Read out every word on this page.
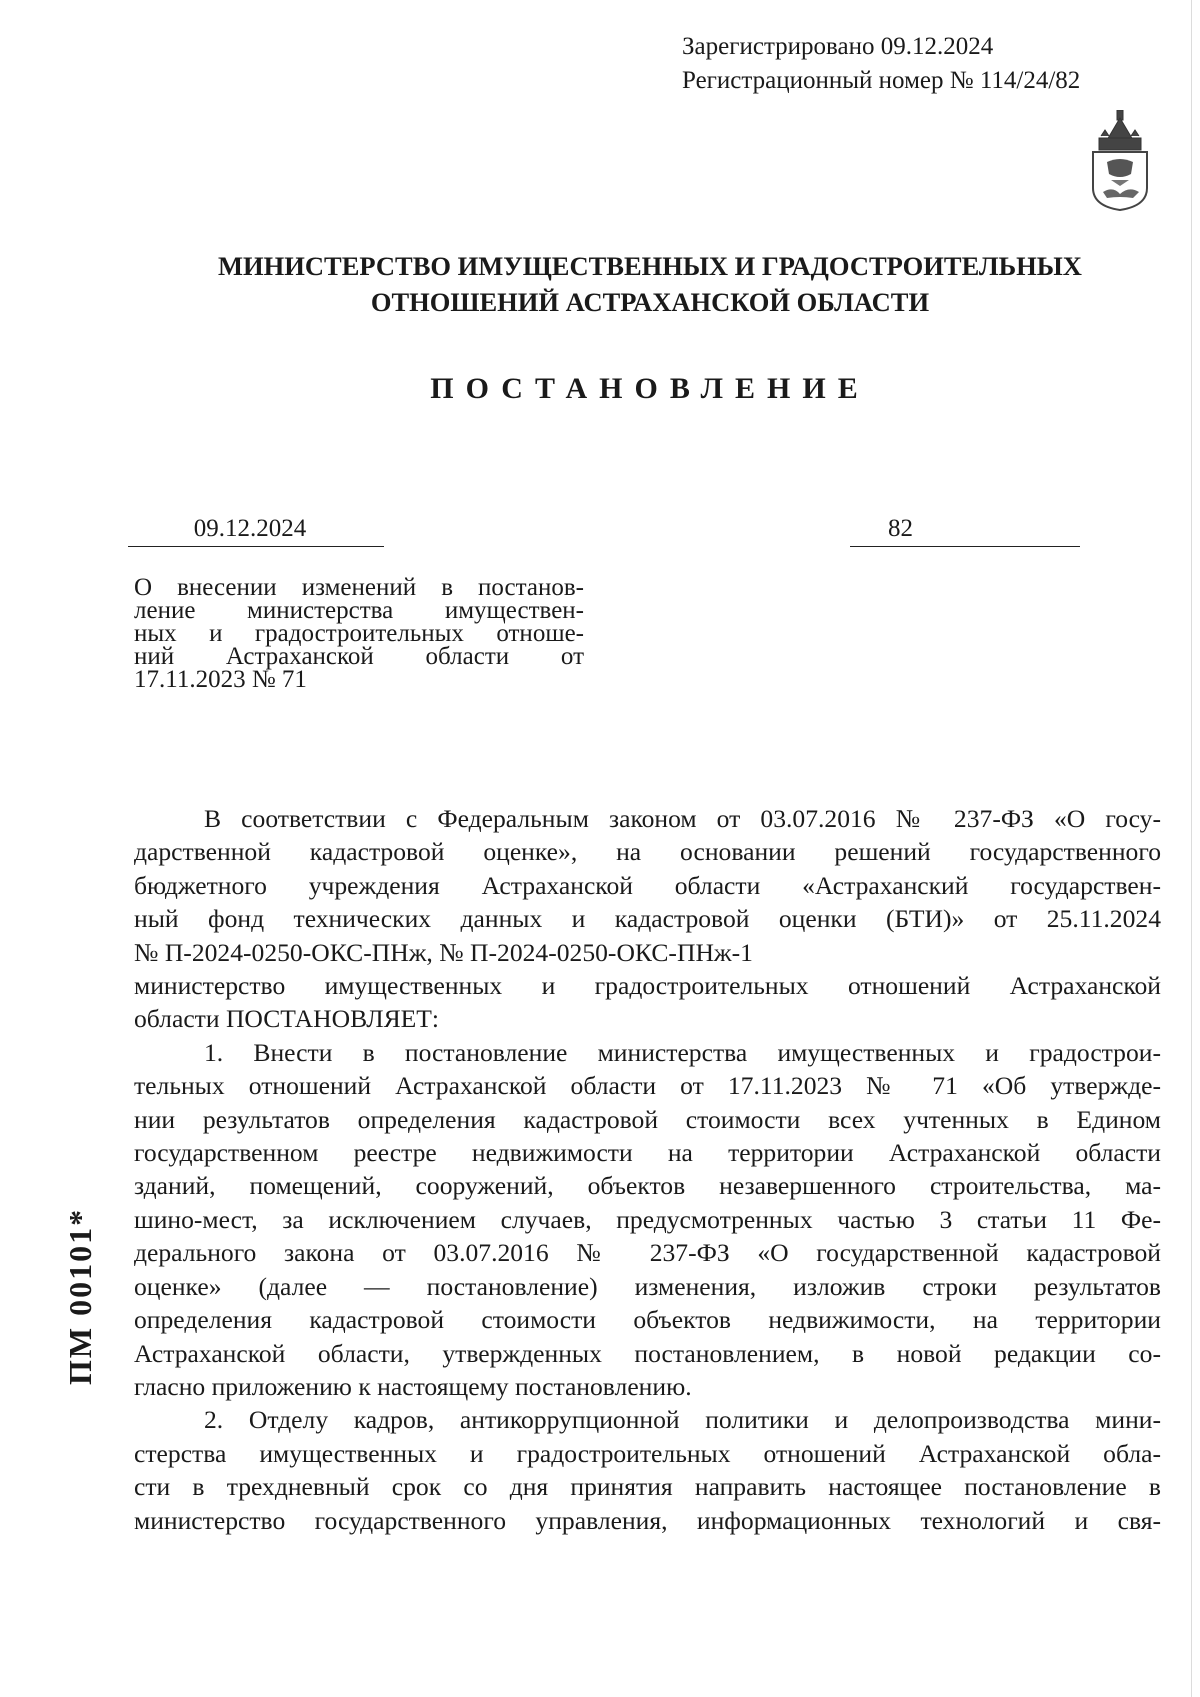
Зарегистрировано 09.12.2024
Регистрационный номер № 114/24/82
МИНИСТЕРСТВО ИМУЩЕСТВЕННЫХ И ГРАДОСТРОИТЕЛЬНЫХ
ОТНОШЕНИЙ АСТРАХАНСКОЙ ОБЛАСТИ
ПОСТАНОВЛЕНИЕ
09.12.2024	82

О внесении изменений в постанов-

ление министерства имуществен-

ных и градостроительных отноше-

ний Астраханской области от

17.11.2023 № 71

В соответствии с Федеральным законом от 03.07.2016 № 237-ФЗ «О госу-

дарственной кадастровой оценке», на основании решений государственного

бюджетного учреждения Астраханской области «Астраханский государствен-

ный фонд технических данных и кадастровой оценки (БТИ)» от 25.11.2024

№ П-2024-0250-ОКС-ПНж, № П-2024-0250-ОКС-ПНж-1

министерство имущественных и градостроительных отношений Астраханской

области ПОСТАНОВЛЯЕТ:

1. Внести в постановление министерства имущественных и градострои-

тельных отношений Астраханской области от 17.11.2023 № 71 «Об утвержде-

нии результатов определения кадастровой стоимости всех учтенных в Едином

государственном реестре недвижимости на территории Астраханской области

зданий, помещений, сооружений, объектов незавершенного строительства, ма-

шино-мест, за исключением случаев, предусмотренных частью 3 статьи 11 Фе-

дерального закона от 03.07.2016 № 237-ФЗ «О государственной кадастровой

оценке» (далее — постановление) изменения, изложив строки результатов

определения кадастровой стоимости объектов недвижимости, на территории

Астраханской области, утвержденных постановлением, в новой редакции со-

гласно приложению к настоящему постановлению.

2. Отделу кадров, антикоррупционной политики и делопроизводства мини-

стерства имущественных и градостроительных отношений Астраханской обла-

сти в трехдневный срок со дня принятия направить настоящее постановление в

министерство государственного управления, информационных технологий и свя-

ПМ 00101*
